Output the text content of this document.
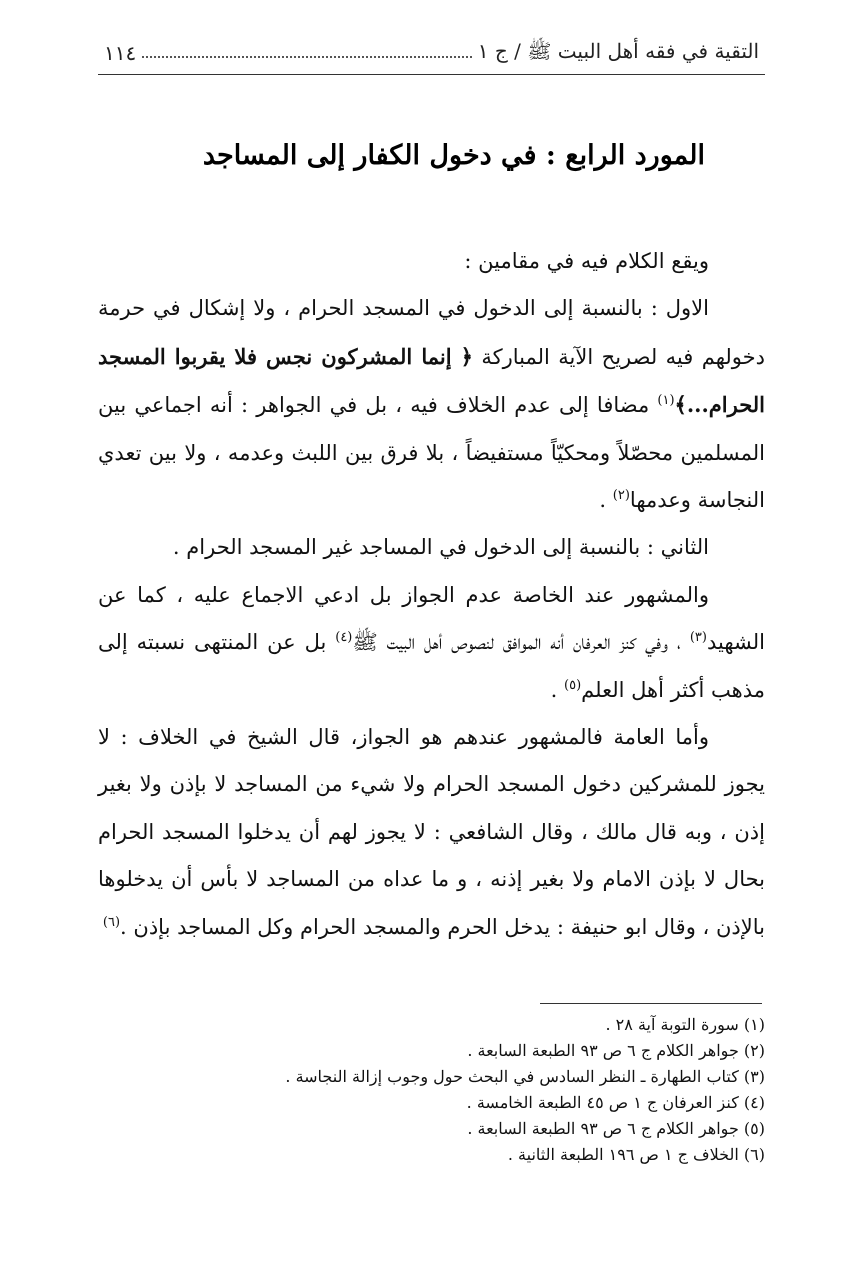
التقية في فقه أهل البيت ﷺ / ج ١
١١٤
المورد الرابع : في دخول الكفار إلى المساجد

ويقع الكلام فيه في مقامين :

الاول : بالنسبة إلى الدخول في المسجد الحرام ، ولا إشكال في حرمة دخولهم فيه لصريح الآية المباركة ﴿ إنما المشركون نجس فلا يقربوا المسجد الحرام...﴾$^{(١)}$ مضافا إلى عدم الخلاف فيه ، بل في الجواهر : أنه اجماعي بين المسلمين محصّلاً ومحكيّاً مستفيضاً ، بلا فرق بين اللبث وعدمه ، ولا بين تعدي النجاسة وعدمها$^{(٢)}$ .

الثاني : بالنسبة إلى الدخول في المساجد غير المسجد الحرام .

والمشهور عند الخاصة عدم الجواز بل ادعي الاجماع عليه ، كما عن الشهيد$^{(٣)}$ ، وفي كنز العرفان أنه الموافق لنصوص أهل البيت ﷺ$^{(٤)}$ بل عن المنتهى نسبته إلى مذهب أكثر أهل العلم$^{(٥)}$ .

وأما العامة فالمشهور عندهم هو الجواز، قال الشيخ في الخلاف : لا يجوز للمشركين دخول المسجد الحرام ولا شيء من المساجد لا بإذن ولا بغير إذن ، وبه قال مالك ، وقال الشافعي : لا يجوز لهم أن يدخلوا المسجد الحرام بحال لا بإذن الامام ولا بغير إذنه ، و ما عداه من المساجد لا بأس أن يدخلوها بالإذن ، وقال ابو حنيفة : يدخل الحرم والمسجد الحرام وكل المساجد بإذن .$^{(٦)}$

(١) سورة التوبة آية ٢٨ .
(٢) جواهر الكلام ج ٦ ص ٩٣ الطبعة السابعة .
(٣) كتاب الطهارة ـ النظر السادس في البحث حول وجوب إزالة النجاسة .
(٤) كنز العرفان ج ١ ص ٤٥ الطبعة الخامسة .
(٥) جواهر الكلام ج ٦ ص ٩٣ الطبعة السابعة .
(٦) الخلاف ج ١ ص ١٩٦ الطبعة الثانية .
